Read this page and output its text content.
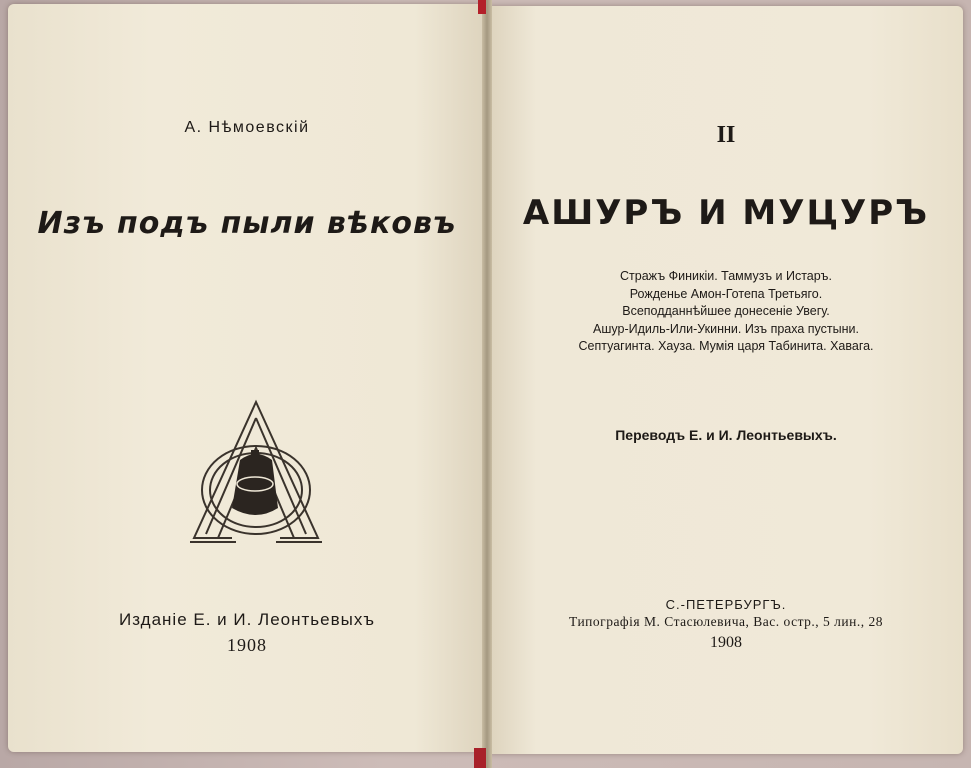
А. Нѣмоевскій
Изъ подъ пыли вѣковъ
Изданіе Е. и И. Леонтьевыхъ
1908
II
АШУРЪ И МУЦУРЪ
Стражъ Финикіи. Таммузъ и Истаръ.
Рожденье Амон-Готепа Третьяго.
Всеподданнѣйшее донесеніе Увегу.
Ашур-Идиль-Или-Укинни. Изъ праха пустыни.
Септуагинта. Хауза. Мумія царя Табинита. Хавага.
Переводъ Е. и И. Леонтьевыхъ.
С.-ПЕТЕРБУРГЪ.
Типографія М. Стасюлевича, Вас. остр., 5 лин., 28
1908
